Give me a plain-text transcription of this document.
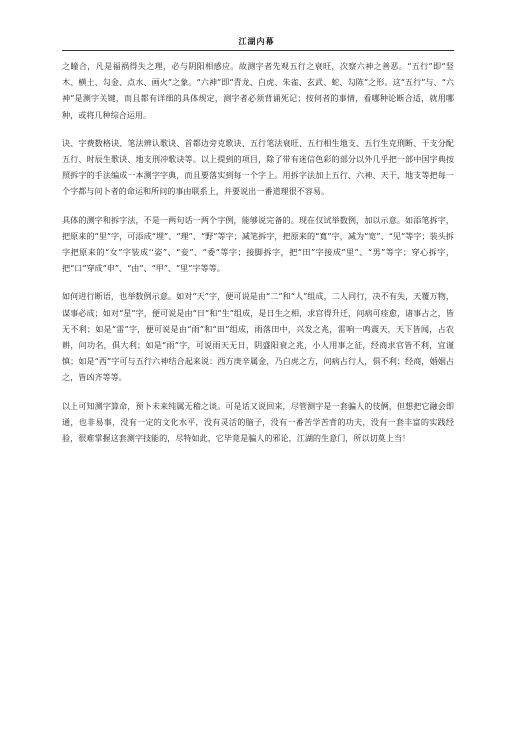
江湖内幕

之瞳合，凡是福祸得失之理，必与阴阳相感应。故测字者先观五行之衰旺，次察六神之善恶。“五行”即“竖木、横土、勾金、点水、画火”之象。“六神”即“青龙、白虎、朱雀、玄武、蛇、勾陈”之形。这“五行”与、“六神”是测字关键，而且都有详细的具体规定，测字者必须背诵死记；按何者的事情，看哪种论断合适，就用哪种，或将几种综合运用。

诀、字费数格诀、笔法辨认歌诀、首都边旁克歌诀、五行笔法衰旺、五行相生地支、五行生克刑断、干支分配五行、时辰生歌诀、地支刑冲歌诀等。以上提到的项目，除了带有迷信色彩的部分以外几乎把一部中国字典按照拆字的手法编成一本测字字典，而且要落实到每一个字上。用拆字法加上五行、六神、天干、地支等把每一个字都与问卜者的命运和所问的事由联系上，并要说出一番道理很不容易。

具体的测字和拆字法，不是一两句话一两个字例，能够说完备的。现在仅试举数例，加以示意。如添笔拆字，把原来的“里”字，可添成“埋”、“理”、“野”等字；减笔拆字，把原来的“寬”字，减为“宽”、“见”等字；装头拆字把原来的“女”字装成‘‘姿”、“妾”、“委”等字；接脚拆字，把“田”字接成“里”、“男”等字；穿心拆字，把“口”穿成“申”、“由”、“甲”、“里”字等等。

如何进行断语，也举数例示意。如对“天”字，便可说是由“二”和“人”组成，二人同行，决不有失，天覆万物，谋事必成；如对“星”字，便可说是由“日”和“生”组成，是日生之相，求官得升迁，问病可痊愈，诸事占之，皆无不利；如是“雷”字，便可说是由“雨”和“田”组成，雨落田中，兴发之兆，雷响一鸣震天，天下皆闻，占农耕，问功名，俱大利；如是“雨”字，可说雨天无日，阴盛阳衰之兆，小人用事之征，经商求官皆不利，宜谨慎；如是“西”字可与五行六神结合起来说：西方庚辛属金，乃白虎之方，问病占行人，俱不利；经商，婚姻占之，皆凶齐等等。

以上可知测字算命，预卜未来纯属无稽之谈。可是话又说回来，尽管测字是一套骗人的伎俩，但想把它融会即通，也非易事，没有一定的文化水平，没有灵活的脑子，没有一番苦学苦背的功夫，没有一套丰富的实践经验，很难掌握这套测字技能的，尽特如此，它毕竟是骗人的邪论，江湖的生意门，所以切莫上当！
